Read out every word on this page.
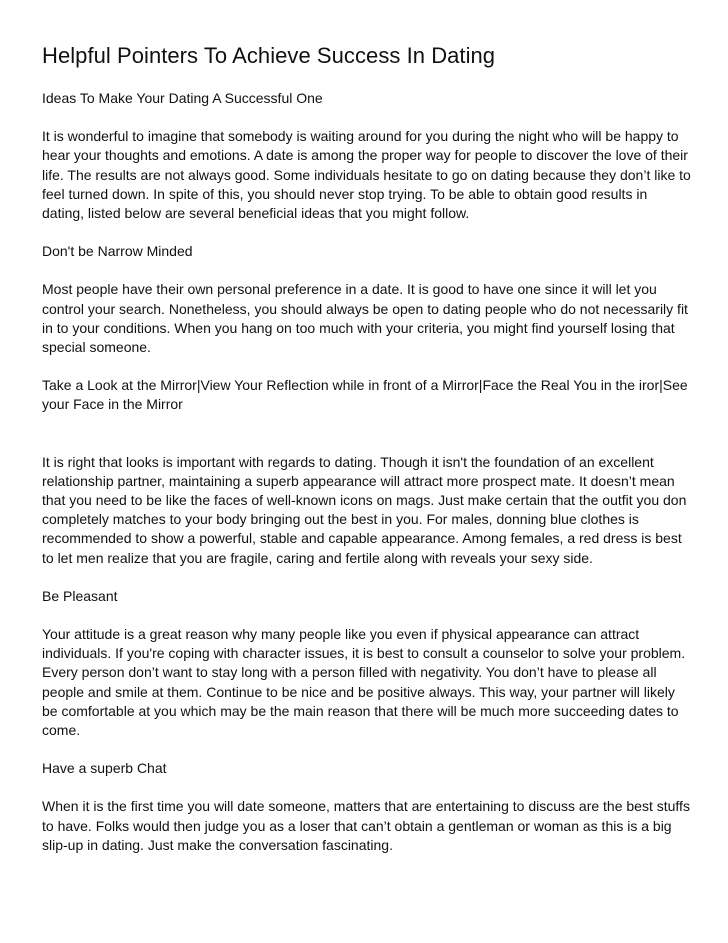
Helpful Pointers To Achieve Success In Dating

Ideas To Make Your Dating A Successful One

It is wonderful to imagine that somebody is waiting around for you during the night who will be happy to hear your thoughts and emotions. A date is among the proper way for people to discover the love of their life. The results are not always good. Some individuals hesitate to go on dating because they don’t like to feel turned down. In spite of this, you should never stop trying. To be able to obtain good results in dating, listed below are several beneficial ideas that you might follow.

Don't be Narrow Minded

Most people have their own personal preference in a date. It is good to have one since it will let you control your search. Nonetheless, you should always be open to dating people who do not necessarily fit in to your conditions. When you hang on too much with your criteria, you might find yourself losing that special someone.

Take a Look at the Mirror|View Your Reflection while in front of a Mirror|Face the Real You in the iror|See your Face in the Mirror

It is right that looks is important with regards to dating. Though it isn't the foundation of an excellent relationship partner, maintaining a superb appearance will attract more prospect mate. It doesn’t mean that you need to be like the faces of well-known icons on mags. Just make certain that the outfit you don completely matches to your body bringing out the best in you. For males, donning blue clothes is recommended to show a powerful, stable and capable appearance. Among females, a red dress is best to let men realize that you are fragile, caring and fertile along with reveals your sexy side.

Be Pleasant

Your attitude is a great reason why many people like you even if physical appearance can attract individuals. If you're coping with character issues, it is best to consult a counselor to solve your problem. Every person don’t want to stay long with a person filled with negativity. You don’t have to please all people and smile at them. Continue to be nice and be positive always. This way, your partner will likely be comfortable at you which may be the main reason that there will be much more succeeding dates to come.

Have a superb Chat

When it is the first time you will date someone, matters that are entertaining to discuss are the best stuffs to have. Folks would then judge you as a loser that can’t obtain a gentleman or woman as this is a big slip-up in dating. Just make the conversation fascinating.
